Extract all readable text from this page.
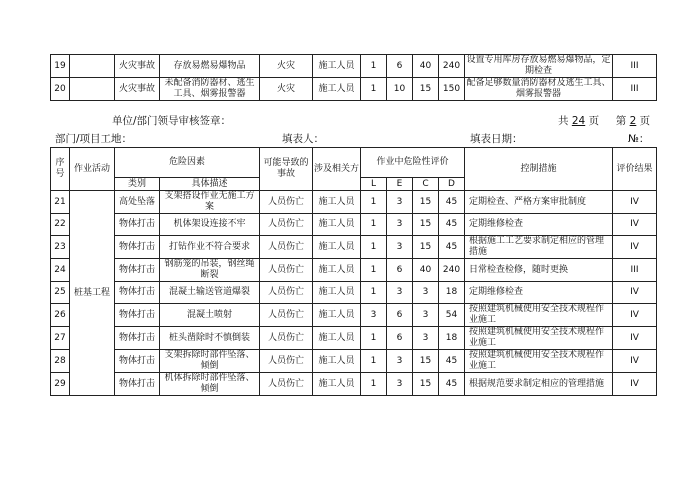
19		火灾事故	存放易燃易爆物品	火灾	施工人员	1	6	40	240	设置专用库房存放易燃易爆物品，定期检查	III
20		火灾事故	未配备消防器材、逃生工具、烟雾报警器	火灾	施工人员	1	10	15	150	配备足够数量消防器材及逃生工具、烟雾报警器	III
单位/部门领导审核签章：	共 24 页 第 2 页
部门/项目工地：	填表人：	填表日期：	№：
序号	作业活动	危险因素		可能导致的事故	涉及相关方	作业中危险性评价				控制措施	评价结果
		类别	具体描述			L	E	C	D		
21	桩基工程	高处坠落	支架搭设作业无施工方案	人员伤亡	施工人员	1	3	15	45	定期检查、严格方案审批制度	IV
22		物体打击	机体架设连接不牢	人员伤亡	施工人员	1	3	15	45	定期维修检查	IV
23		物体打击	打钻作业不符合要求	人员伤亡	施工人员	1	3	15	45	根据施工工艺要求制定相应的管理措施	IV
24		物体打击	钢筋笼的吊装，钢丝绳断裂	人员伤亡	施工人员	1	6	40	240	日常检查检修，随时更换	III
25		物体打击	混凝土输送管道爆裂	人员伤亡	施工人员	1	3	3	18	定期维修检查	IV
26		物体打击	混凝土喷射	人员伤亡	施工人员	3	6	3	54	按照建筑机械使用安全技术规程作业施工	IV
27		物体打击	桩头凿除时不慎倒装	人员伤亡	施工人员	1	6	3	18	按照建筑机械使用安全技术规程作业施工	IV
28		物体打击	支架拆除时部件坠落、倾倒	人员伤亡	施工人员	1	3	15	45	按照建筑机械使用安全技术规程作业施工	IV
29		物体打击	机体拆除时部件坠落、倾倒	人员伤亡	施工人员	1	3	15	45	根据规范要求制定相应的管理措施	IV
